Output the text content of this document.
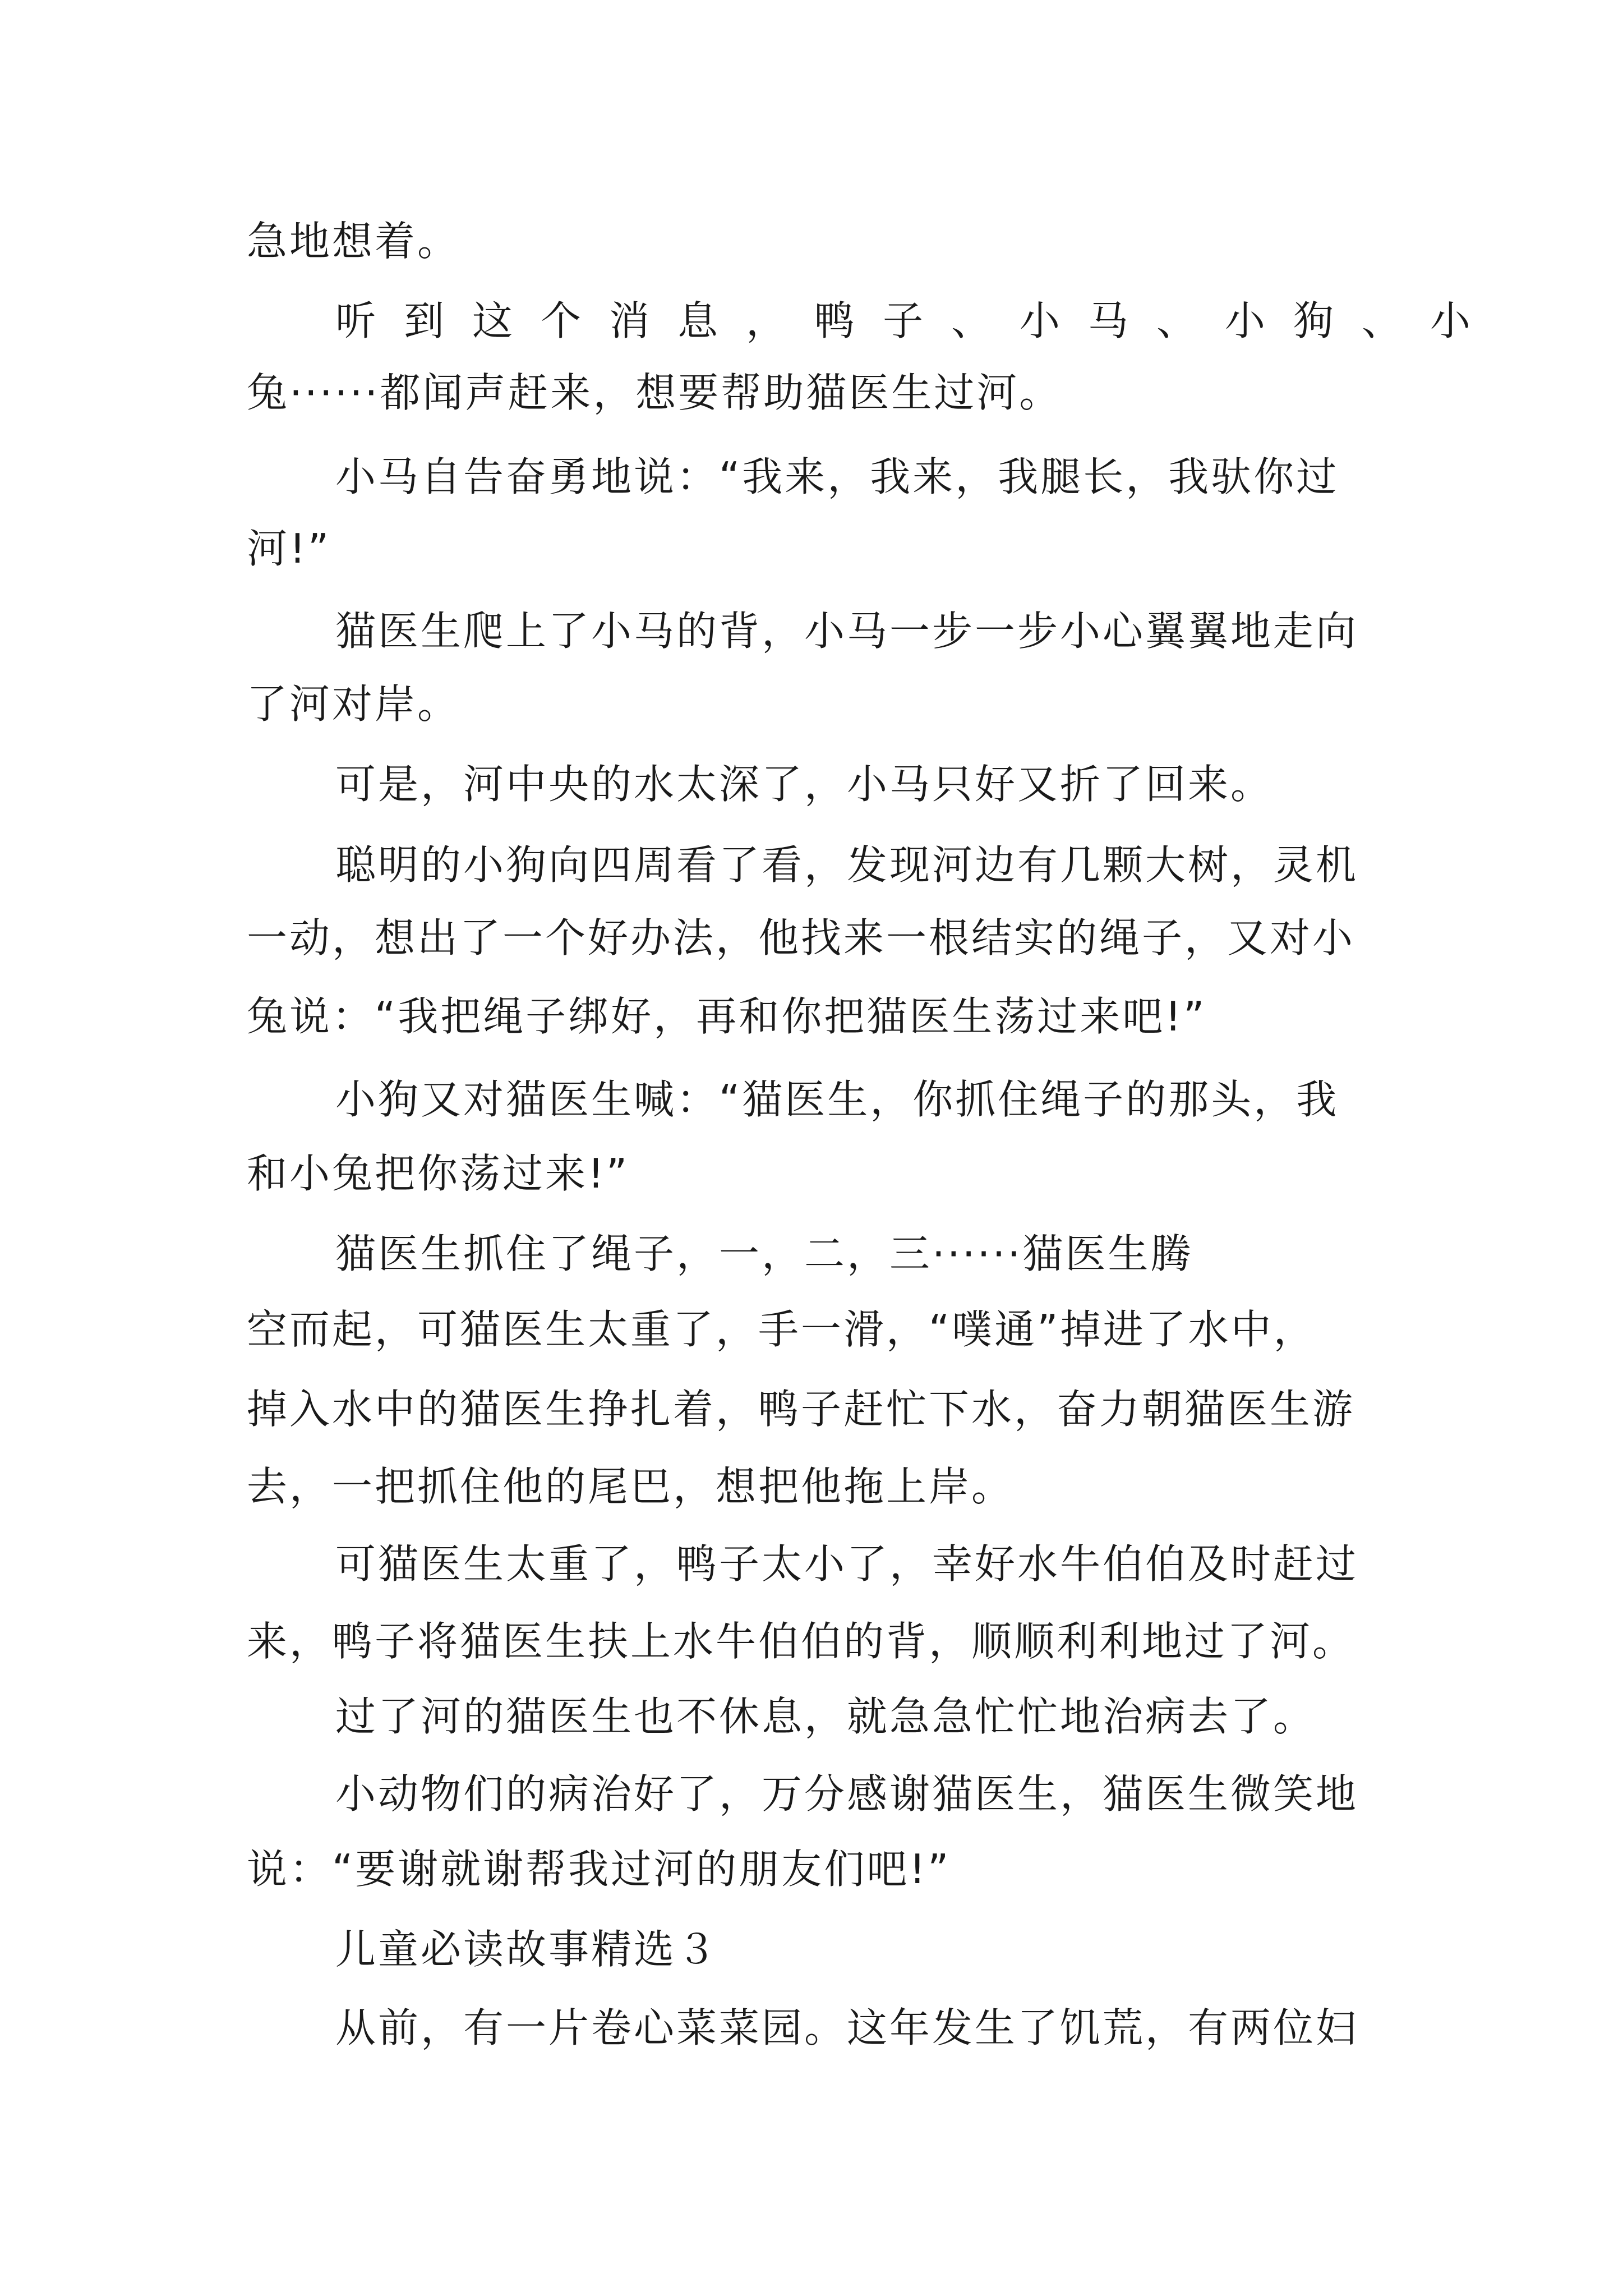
急地想着。
听到这个消息，鸭子、小马、小狗、小
兔······都闻声赶来，想要帮助猫医生过河。
小马自告奋勇地说：“我来，我来，我腿长，我驮你过
河!”
猫医生爬上了小马的背，小马一步一步小心翼翼地走向
了河对岸。
可是，河中央的水太深了，小马只好又折了回来。
聪明的小狗向四周看了看，发现河边有几颗大树，灵机
一动，想出了一个好办法，他找来一根结实的绳子，又对小
兔说：“我把绳子绑好，再和你把猫医生荡过来吧!”
小狗又对猫医生喊：“猫医生，你抓住绳子的那头，我
和小兔把你荡过来!”
猫医生抓住了绳子，一，二，三······猫医生腾
空而起，可猫医生太重了，手一滑，“噗通”掉进了水中，
掉入水中的猫医生挣扎着，鸭子赶忙下水，奋力朝猫医生游
去，一把抓住他的尾巴，想把他拖上岸。
可猫医生太重了，鸭子太小了，幸好水牛伯伯及时赶过
来，鸭子将猫医生扶上水牛伯伯的背，顺顺利利地过了河。
过了河的猫医生也不休息，就急急忙忙地治病去了。
小动物们的病治好了，万分感谢猫医生，猫医生微笑地
说：“要谢就谢帮我过河的朋友们吧!”
儿童必读故事精选３
从前，有一片卷心菜菜园。这年发生了饥荒，有两位妇
